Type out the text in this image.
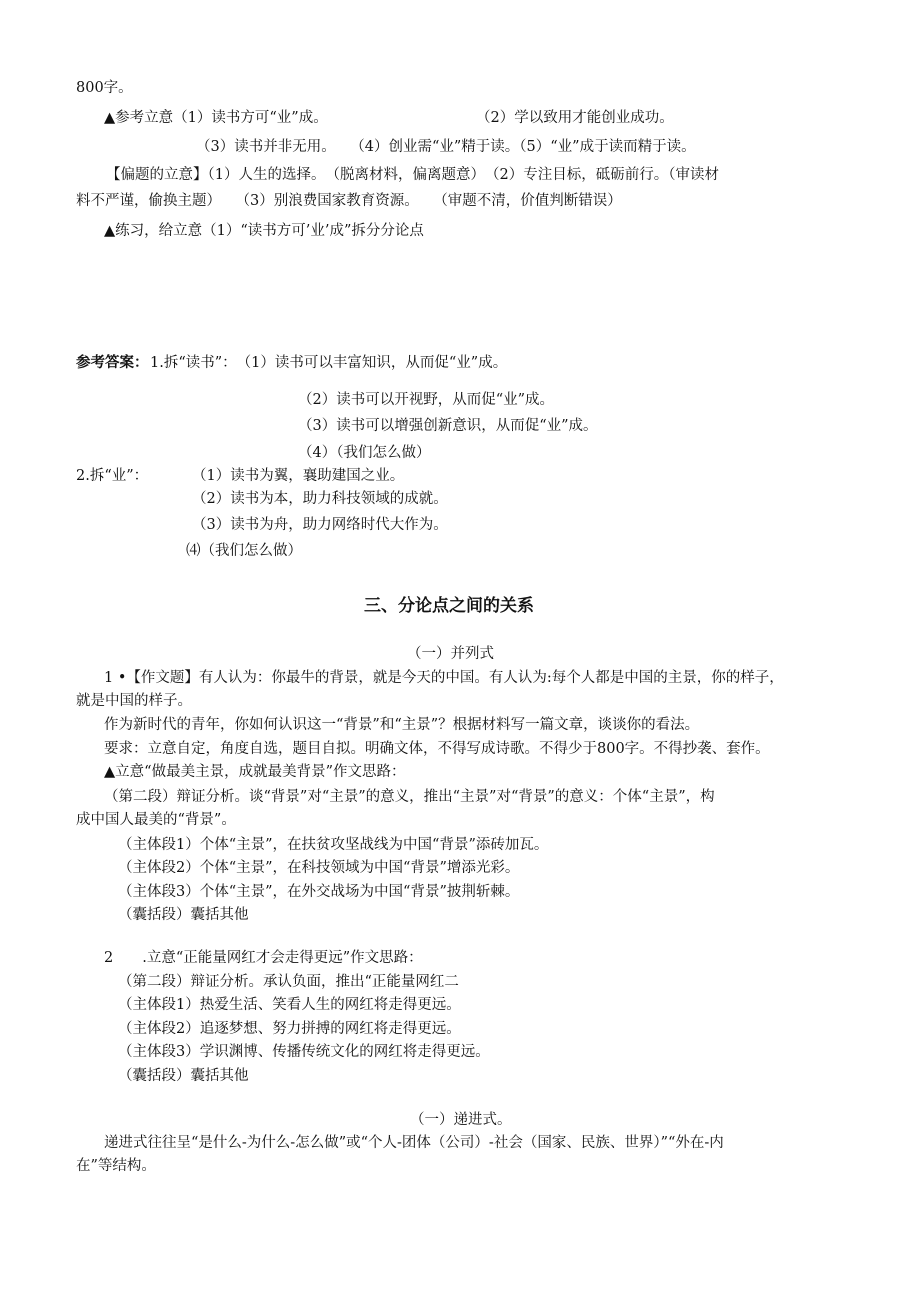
800字。
▲参考立意（1）读书方可“业”成。	（2）学以致用才能创业成功。
（3）读书并非无用。　　（4）创业需“业”精于读。（5）“业”成于读而精于读。
【偏题的立意】（1）人生的选择。　（脱离材料，偏离题意）　（2）专注目标，砥砺前行。（审读材
料不严谨，偷换主题）　　（3）别浪费国家教育资源。　　（审题不清，价值判断错误）
▲练习，给立意（1）“读书方可’业’成”拆分分论点
参考答案： 1.拆“读书”：　（1）读书可以丰富知识，从而促“业”成。
（2）读书可以开视野，从而促“业”成。
（3）读书可以增强创新意识，从而促“业”成。
（4）（我们怎么做）
2.拆“业”：	（1）读书为翼，襄助建国之业。
（2）读书为本，助力科技领域的成就。
（3）读书为舟，助力网络时代大作为。
⑷（我们怎么做）
三、分论点之间的关系
（一）并列式
1 •【作文题】有人认为：你最牛的背景，就是今天的中国。有人认为:每个人都是中国的主景，你的样子，
就是中国的样子。
作为新时代的青年，你如何认识这一“背景”和“主景”？根据材料写一篇文章，谈谈你的看法。
要求：立意自定，角度自选，题目自拟。明确文体，不得写成诗歌。不得少于800字。不得抄袭、套作。
▲立意“做最美主景，成就最美背景”作文思路：
（第二段）辩证分析。谈“背景”对“主景”的意义，推出“主景”对“背景”的意义：个体“主景”，构
成中国人最美的“背景”。
（主体段1）个体“主景”，在扶贫攻坚战线为中国“背景”添砖加瓦。
（主体段2）个体“主景”，在科技领域为中国“背景”增添光彩。
（主体段3）个体“主景”，在外交战场为中国“背景”披荆斩棘。
（囊括段）囊括其他
2　　.立意“正能量网红才会走得更远”作文思路：
（第二段）辩证分析。承认负面，推出“正能量网红二
（主体段1）热爱生活、笑看人生的网红将走得更远。
（主体段2）追逐梦想、努力拼搏的网红将走得更远。
（主体段3）学识渊博、传播传统文化的网红将走得更远。
（囊括段）囊括其他
（一）递进式。
递进式往往呈“是什么-为什么-怎么做”或“个人-团体（公司）-社会（国家、民族、世界）”“外在-内
在”等结构。
